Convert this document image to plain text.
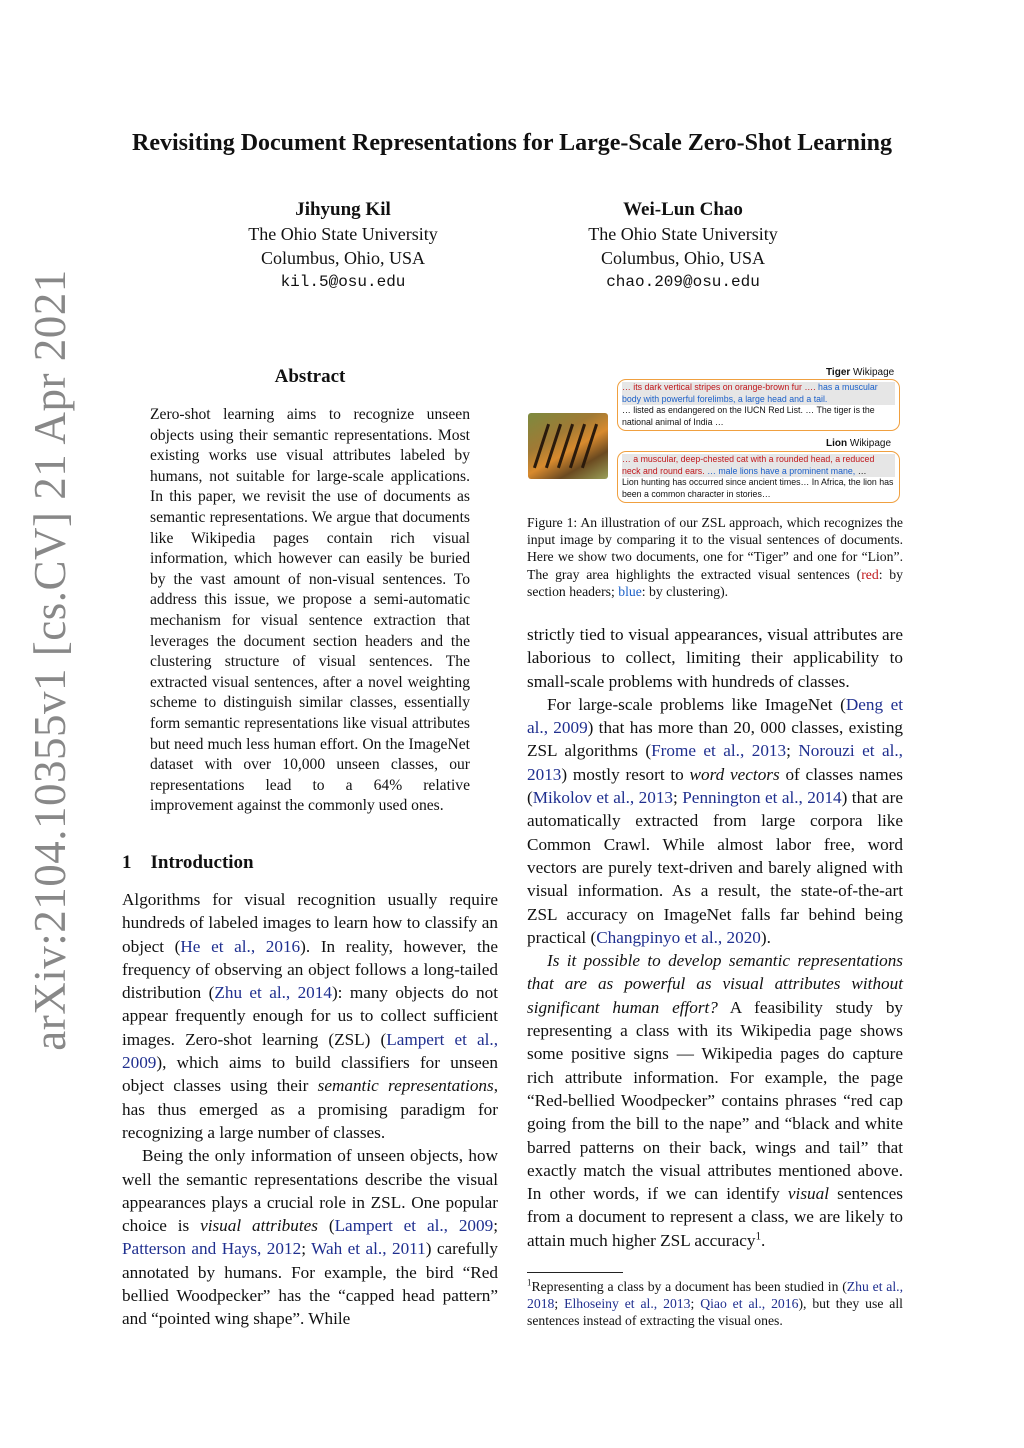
arXiv:2104.10355v1 [cs.CV] 21 Apr 2021
Revisiting Document Representations for Large-Scale Zero-Shot Learning
Jihyung Kil
The Ohio State University
Columbus, Ohio, USA
kil.5@osu.edu
Wei-Lun Chao
The Ohio State University
Columbus, Ohio, USA
chao.209@osu.edu
Abstract
Zero-shot learning aims to recognize unseen objects using their semantic representations. Most existing works use visual attributes labeled by humans, not suitable for large-scale applications. In this paper, we revisit the use of documents as semantic representations. We argue that documents like Wikipedia pages contain rich visual information, which however can easily be buried by the vast amount of non-visual sentences. To address this issue, we propose a semi-automatic mechanism for visual sentence extraction that leverages the document section headers and the clustering structure of visual sentences. The extracted visual sentences, after a novel weighting scheme to distinguish similar classes, essentially form semantic representations like visual attributes but need much less human effort. On the ImageNet dataset with over 10,000 unseen classes, our representations lead to a 64% relative improvement against the commonly used ones.
1 Introduction

Algorithms for visual recognition usually require hundreds of labeled images to learn how to classify an object (He et al., 2016). In reality, however, the frequency of observing an object follows a long-tailed distribution (Zhu et al., 2014): many objects do not appear frequently enough for us to collect sufficient images. Zero-shot learning (ZSL) (Lampert et al., 2009), which aims to build classifiers for unseen object classes using their semantic representations, has thus emerged as a promising paradigm for recognizing a large number of classes.

Being the only information of unseen objects, how well the semantic representations describe the visual appearances plays a crucial role in ZSL. One popular choice is visual attributes (Lampert et al., 2009; Patterson and Hays, 2012; Wah et al., 2011) carefully annotated by humans. For example, the bird “Red bellied Woodpecker” has the “capped head pattern” and “pointed wing shape”. While

Tiger Wikipage
… its dark vertical stripes on orange-brown fur …. has a muscular body with powerful forelimbs, a large head and a tail.
… listed as endangered on the IUCN Red List. … The tiger is the national animal of India …
Lion Wikipage
… a muscular, deep-chested cat with a rounded head, a reduced neck and round ears. … male lions have a prominent mane, …
Lion hunting has occurred since ancient times… In Africa, the lion has been a common character in stories…
Figure 1: An illustration of our ZSL approach, which recognizes the input image by comparing it to the visual sentences of documents. Here we show two documents, one for “Tiger” and one for “Lion”. The gray area highlights the extracted visual sentences (red: by section headers; blue: by clustering).

strictly tied to visual appearances, visual attributes are laborious to collect, limiting their applicability to small-scale problems with hundreds of classes.

For large-scale problems like ImageNet (Deng et al., 2009) that has more than 20, 000 classes, existing ZSL algorithms (Frome et al., 2013; Norouzi et al., 2013) mostly resort to word vectors of classes names (Mikolov et al., 2013; Pennington et al., 2014) that are automatically extracted from large corpora like Common Crawl. While almost labor free, word vectors are purely text-driven and barely aligned with visual information. As a result, the state-of-the-art ZSL accuracy on ImageNet falls far behind being practical (Changpinyo et al., 2020).

Is it possible to develop semantic representations that are as powerful as visual attributes without significant human effort? A feasibility study by representing a class with its Wikipedia page shows some positive signs — Wikipedia pages do capture rich attribute information. For example, the page “Red-bellied Woodpecker” contains phrases “red cap going from the bill to the nape” and “black and white barred patterns on their back, wings and tail” that exactly match the visual attributes mentioned above. In other words, if we can identify visual sentences from a document to represent a class, we are likely to attain much higher ZSL accuracy$^1$.

$^1$Representing a class by a document has been studied in (Zhu et al., 2018; Elhoseiny et al., 2013; Qiao et al., 2016), but they use all sentences instead of extracting the visual ones.
